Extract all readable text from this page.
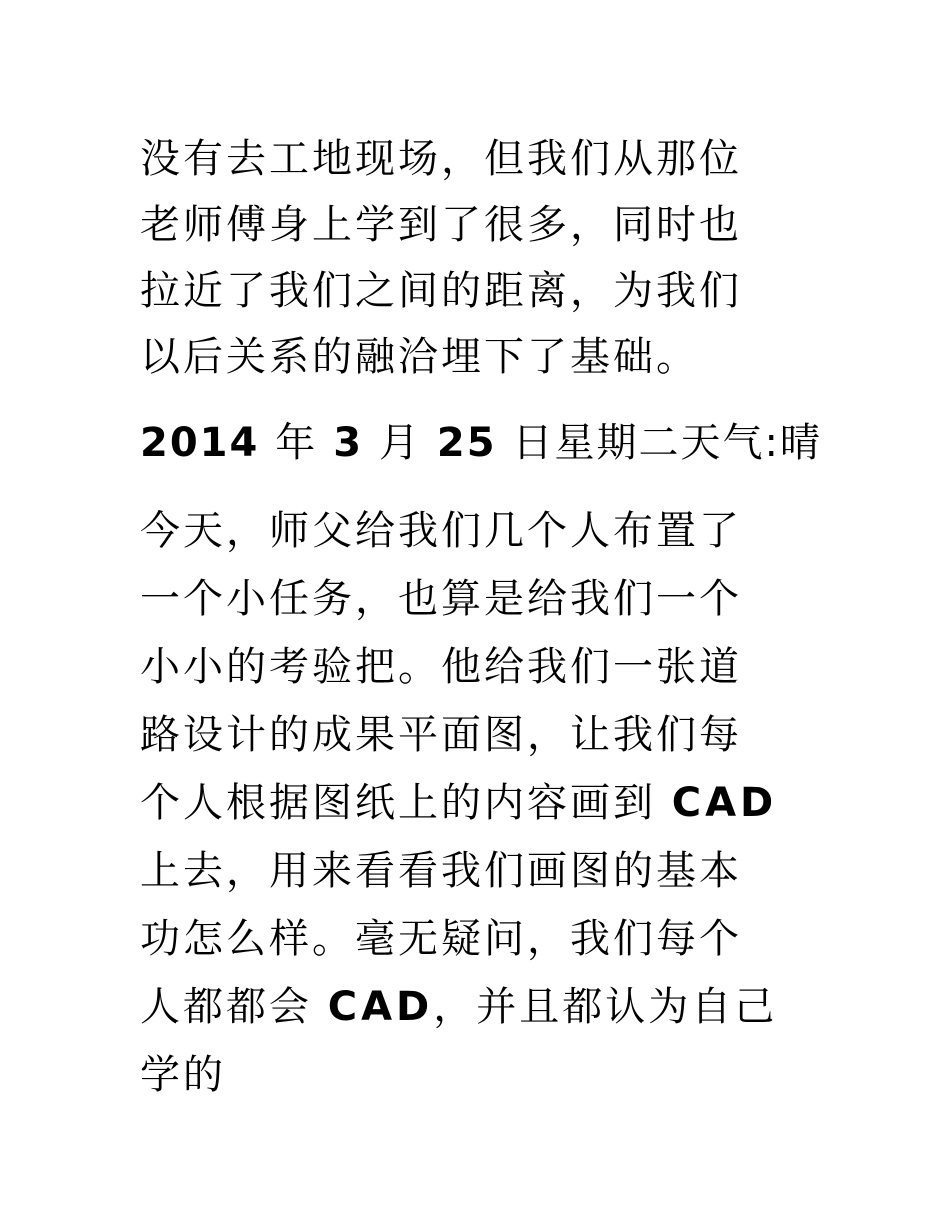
没有去工地现场，但我们从那位

老师傅身上学到了很多，同时也

拉近了我们之间的距离，为我们

以后关系的融洽埋下了基础。

2014 年 3 月 25 日星期二天气:晴

今天，师父给我们几个人布置了

一个小任务，也算是给我们一个

小小的考验把。他给我们一张道

路设计的成果平面图，让我们每

个人根据图纸上的内容画到 CAD

上去，用来看看我们画图的基本

功怎么样。毫无疑问，我们每个

人都都会 CAD，并且都认为自己

学的
